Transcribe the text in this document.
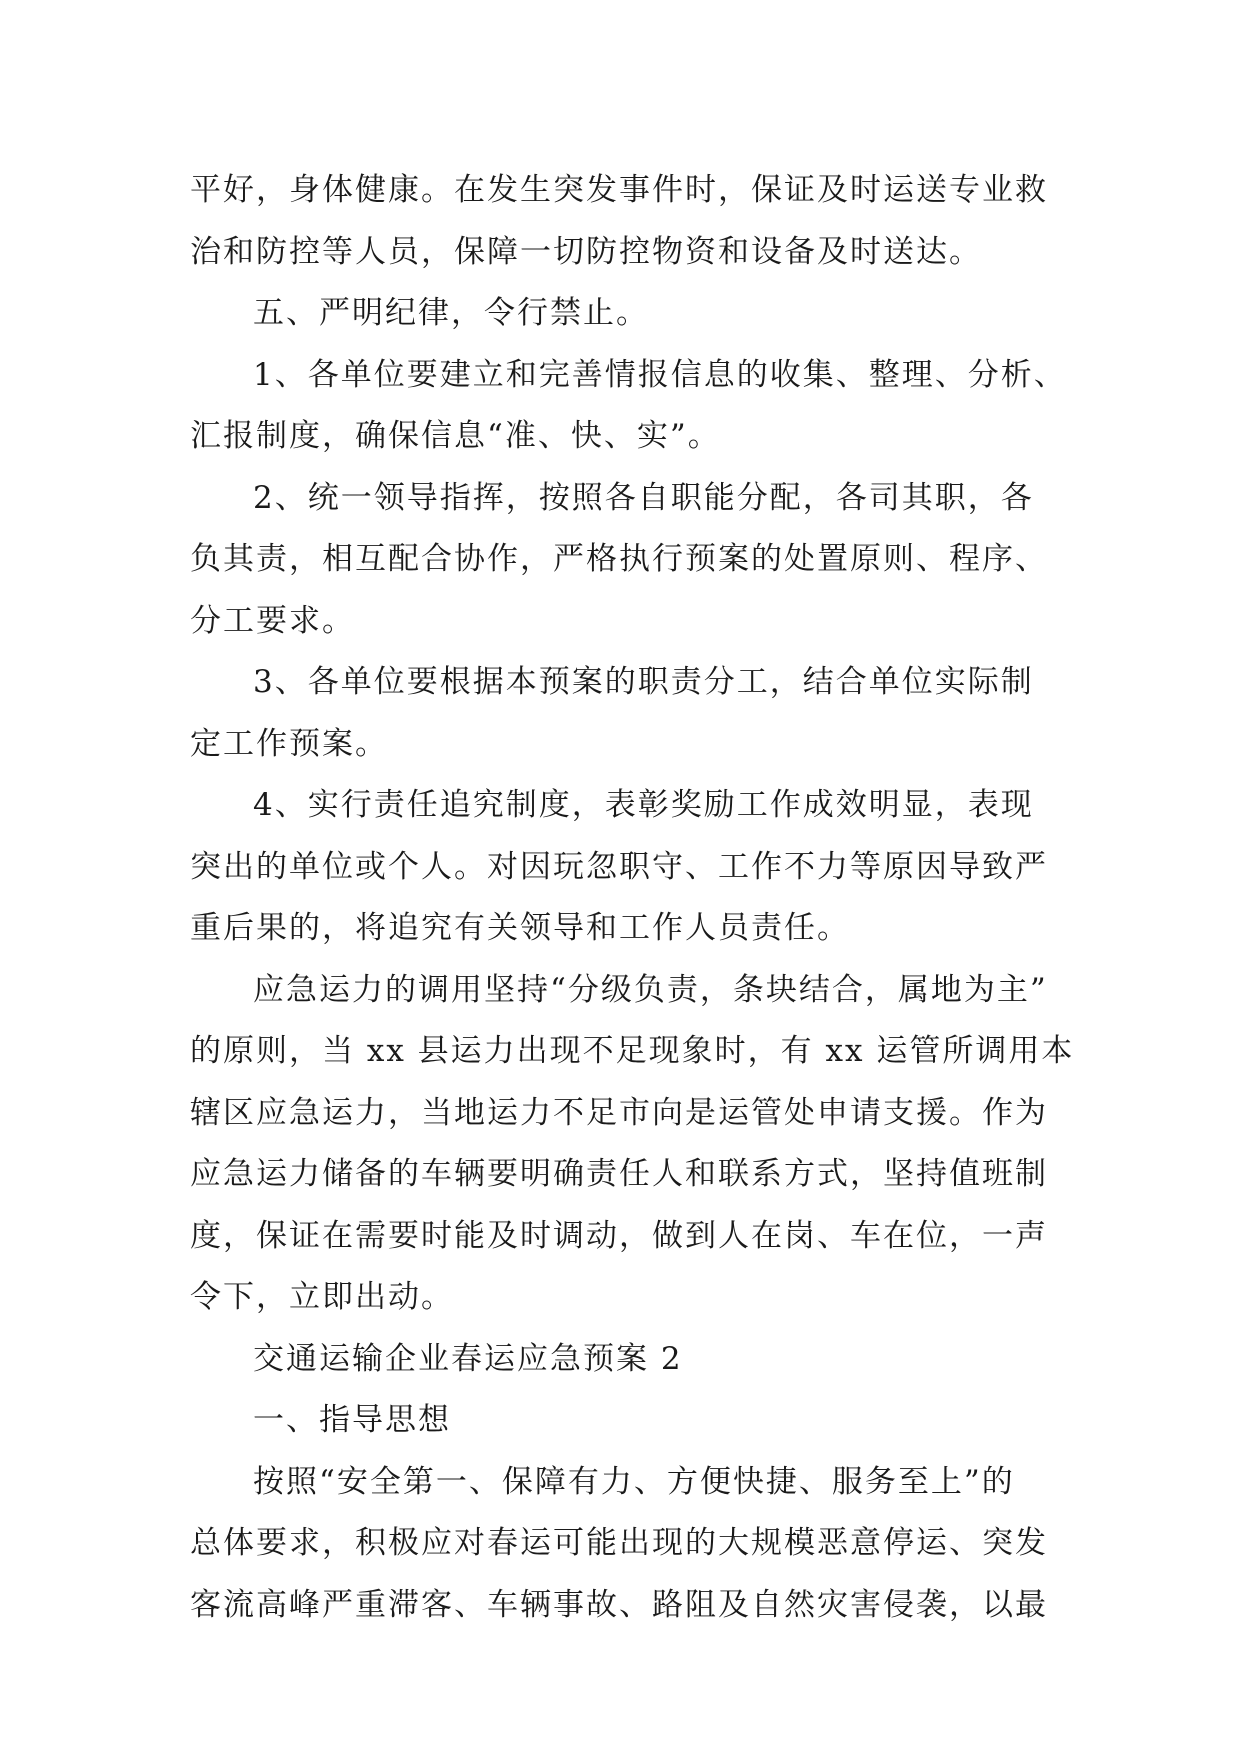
平好，身体健康。在发生突发事件时，保证及时运送专业救
治和防控等人员，保障一切防控物资和设备及时送达。
五、严明纪律，令行禁止。
1、各单位要建立和完善情报信息的收集、整理、分析、
汇报制度，确保信息“准、快、实”。
2、统一领导指挥，按照各自职能分配，各司其职，各
负其责，相互配合协作，严格执行预案的处置原则、程序、
分工要求。
3、各单位要根据本预案的职责分工，结合单位实际制
定工作预案。
4、实行责任追究制度，表彰奖励工作成效明显，表现
突出的单位或个人。对因玩忽职守、工作不力等原因导致严
重后果的，将追究有关领导和工作人员责任。
应急运力的调用坚持“分级负责，条块结合，属地为主”
的原则，当 xx 县运力出现不足现象时，有 xx 运管所调用本
辖区应急运力，当地运力不足市向是运管处申请支援。作为
应急运力储备的车辆要明确责任人和联系方式，坚持值班制
度，保证在需要时能及时调动，做到人在岗、车在位，一声
令下，立即出动。
交通运输企业春运应急预案 2
一、指导思想
按照“安全第一、保障有力、方便快捷、服务至上”的
总体要求，积极应对春运可能出现的大规模恶意停运、突发
客流高峰严重滞客、车辆事故、路阻及自然灾害侵袭，以最
